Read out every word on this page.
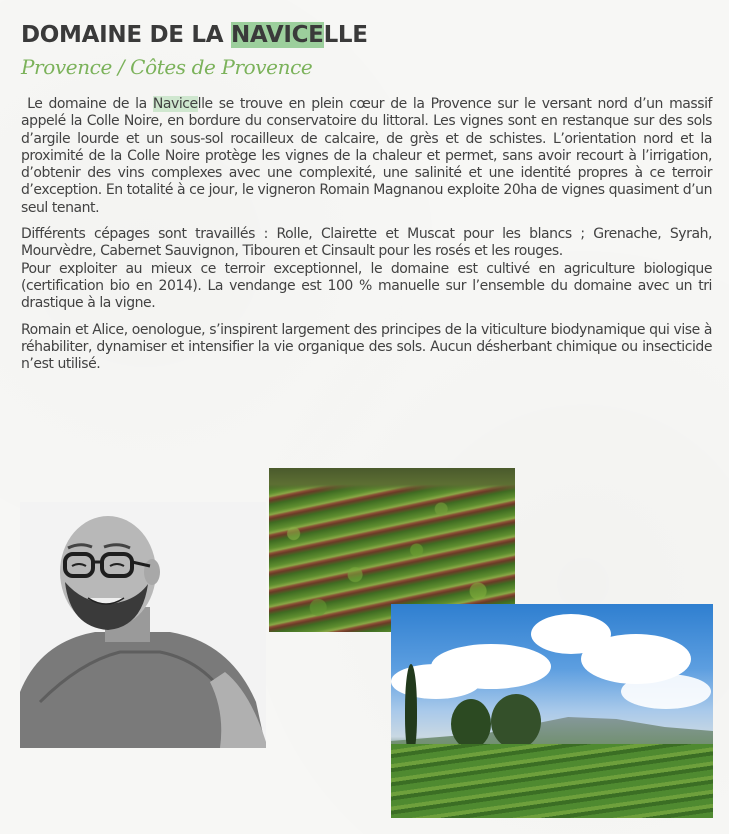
DOMAINE DE LA NAVICELLE
Provence / Côtes de Provence

Le domaine de la Navicelle se trouve en plein cœur de la Provence sur le versant nord d’un massif appelé la Colle Noire, en bordure du conservatoire du littoral. Les vignes sont en restanque sur des sols d’argile lourde et un sous-sol rocailleux de calcaire, de grès et de schistes. L’orientation nord et la proximité de la Colle Noire protège les vignes de la chaleur et permet, sans avoir recourt à l’irrigation, d’obtenir des vins complexes avec une complexité, une salinité et une identité propres à ce terroir d’exception. En totalité à ce jour, le vigneron Romain Magnanou exploite 20ha de vignes quasiment d’un seul tenant.

Différents cépages sont travaillés : Rolle, Clairette et Muscat pour les blancs ; Grenache, Syrah, Mourvèdre, Cabernet Sauvignon, Tibouren et Cinsault pour les rosés et les rouges.

Pour exploiter au mieux ce terroir exceptionnel, le domaine est cultivé en agriculture biologique (certification bio en 2014). La vendange est 100 % manuelle sur l’ensemble du domaine avec un tri drastique à la vigne.

Romain et Alice, oenologue, s’inspirent largement des principes de la viticulture biodynamique qui vise à réhabiliter, dynamiser et intensifier la vie organique des sols. Aucun désherbant chimique ou insecticide n’est utilisé.
